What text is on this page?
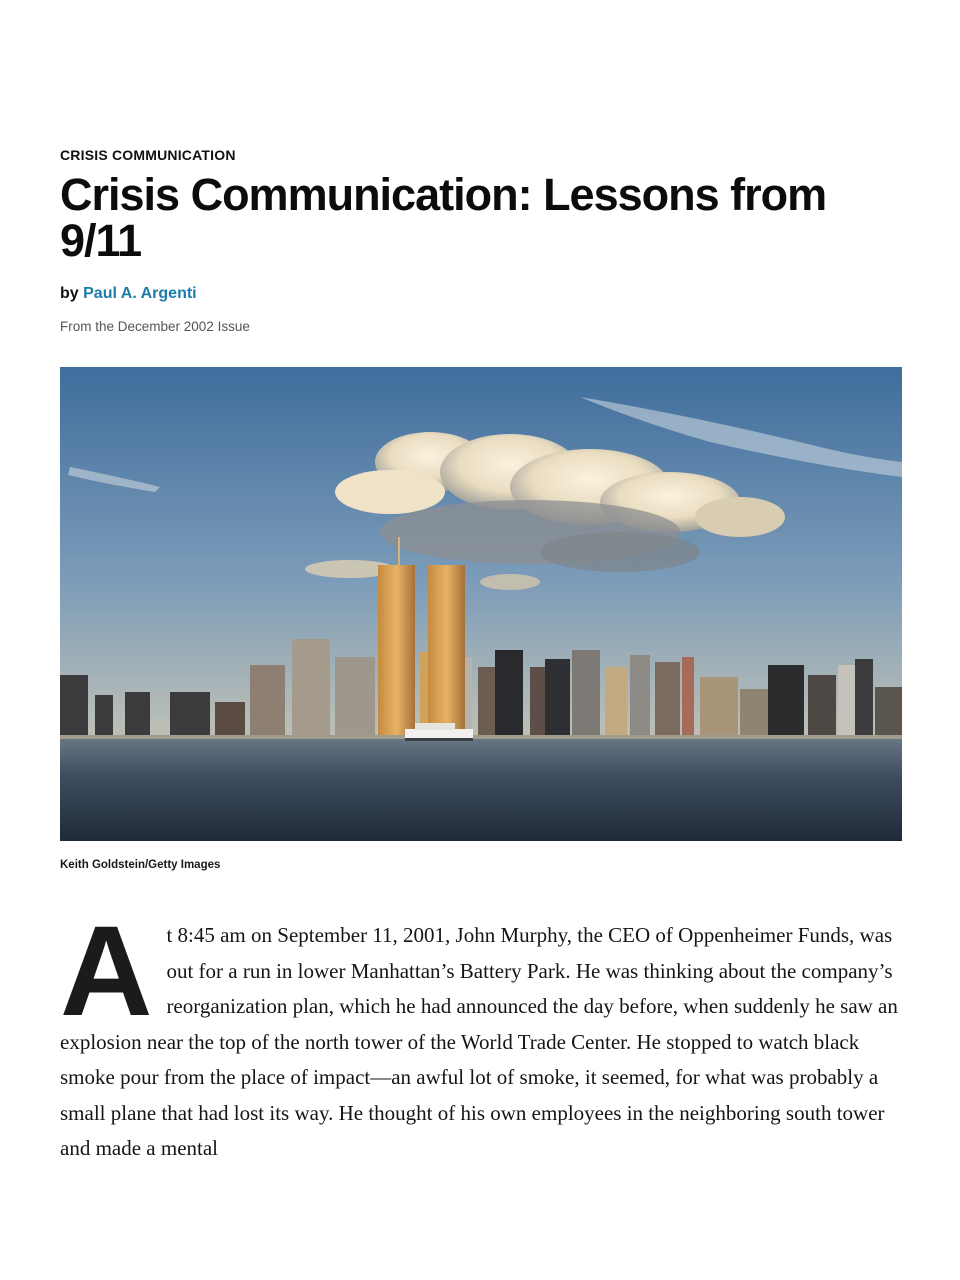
CRISIS COMMUNICATION
Crisis Communication: Lessons from 9/11
by Paul A. Argenti
From the December 2002 Issue
Keith Goldstein/Getty Images

At 8:45 am on September 11, 2001, John Murphy, the CEO of Oppenheimer Funds, was out for a run in lower Manhattan’s Battery Park. He was thinking about the company’s reorganization plan, which he had announced the day before, when suddenly he saw an explosion near the top of the north tower of the World Trade Center. He stopped to watch black smoke pour from the place of impact—an awful lot of smoke, it seemed, for what was probably a small plane that had lost its way. He thought of his own employees in the neighboring south tower and made a mental
